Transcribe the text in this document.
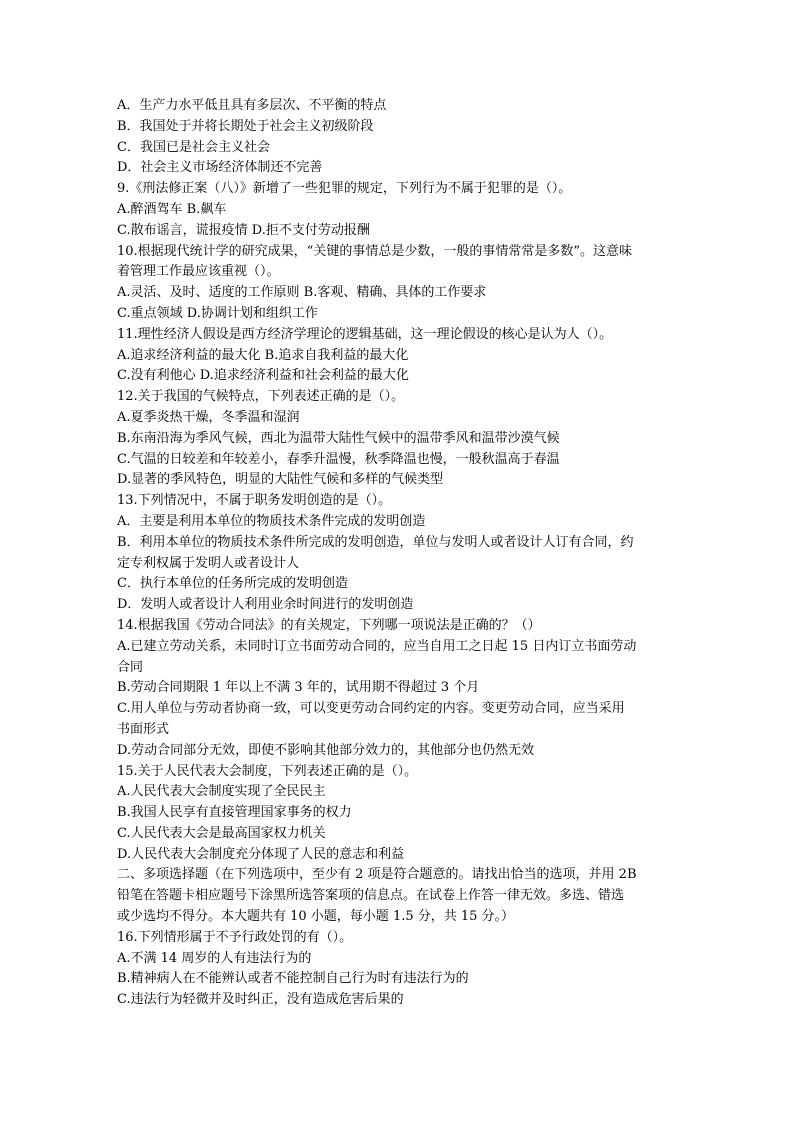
A．生产力水平低且具有多层次、不平衡的特点
B．我国处于并将长期处于社会主义初级阶段
C．我国已是社会主义社会
D．社会主义市场经济体制还不完善
9.《刑法修正案（八）》新增了一些犯罪的规定，下列行为不属于犯罪的是（）。
A.醉酒驾车 B.飙车
C.散布谣言，谎报疫情 D.拒不支付劳动报酬
10.根据现代统计学的研究成果，“关键的事情总是少数，一般的事情常常是多数”。这意味
着管理工作最应该重视（）。
A.灵活、及时、适度的工作原则 B.客观、精确、具体的工作要求
C.重点领域 D.协调计划和组织工作
11.理性经济人假设是西方经济学理论的逻辑基础，这一理论假设的核心是认为人（）。
A.追求经济利益的最大化 B.追求自我利益的最大化
C.没有利他心 D.追求经济利益和社会利益的最大化
12.关于我国的气候特点，下列表述正确的是（）。
A.夏季炎热干燥，冬季温和湿润
B.东南沿海为季风气候，西北为温带大陆性气候中的温带季风和温带沙漠气候
C.气温的日较差和年较差小，春季升温慢，秋季降温也慢，一般秋温高于春温
D.显著的季风特色，明显的大陆性气候和多样的气候类型
13.下列情况中，不属于职务发明创造的是（）。
A．主要是利用本单位的物质技术条件完成的发明创造
B．利用本单位的物质技术条件所完成的发明创造，单位与发明人或者设计人订有合同，约
定专利权属于发明人或者设计人
C．执行本单位的任务所完成的发明创造
D．发明人或者设计人利用业余时间进行的发明创造
14.根据我国《劳动合同法》的有关规定，下列哪一项说法是正确的？（）
A.已建立劳动关系，未同时订立书面劳动合同的，应当自用工之日起 15 日内订立书面劳动
合同
B.劳动合同期限 1 年以上不满 3 年的，试用期不得超过 3 个月
C.用人单位与劳动者协商一致，可以变更劳动合同约定的内容。变更劳动合同，应当采用
书面形式
D.劳动合同部分无效，即使不影响其他部分效力的，其他部分也仍然无效
15.关于人民代表大会制度，下列表述正确的是（）。
A.人民代表大会制度实现了全民民主
B.我国人民享有直接管理国家事务的权力
C.人民代表大会是最高国家权力机关
D.人民代表大会制度充分体现了人民的意志和利益
二、多项选择题（在下列选项中，至少有 2 项是符合题意的。请找出恰当的选项，并用 2B
铅笔在答题卡相应题号下涂黑所选答案项的信息点。在试卷上作答一律无效。多选、错选
或少选均不得分。本大题共有 10 小题，每小题 1.5 分，共 15 分。）
16.下列情形属于不予行政处罚的有（）。
A.不满 14 周岁的人有违法行为的
B.精神病人在不能辨认或者不能控制自己行为时有违法行为的
C.违法行为轻微并及时纠正，没有造成危害后果的
